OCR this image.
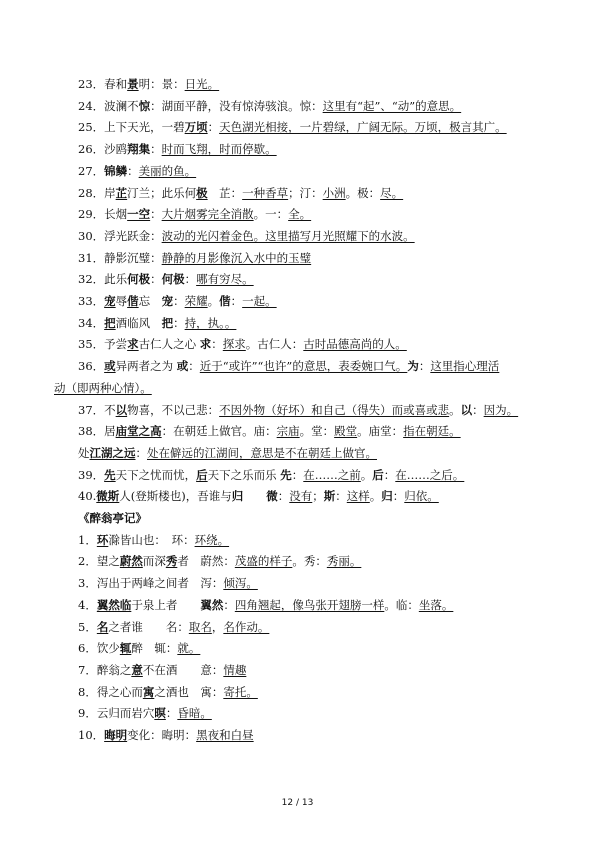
23．春和景明：景：日光。
24．波澜不惊：湖面平静，没有惊涛骇浪。惊：这里有“起”、“动”的意思。
25．上下天光，一碧万顷：天色湖光相接，一片碧绿，广阔无际。万顷，极言其广。
26．沙鸥翔集：时而飞翔，时而停歇。
27．锦鳞：美丽的鱼。
28．岸芷汀兰；此乐何极　芷：一种香草；汀：小洲。极：尽。
29．长烟一空：大片烟雾完全消散。一：全。
30．浮光跃金：波动的光闪着金色。这里描写月光照耀下的水波。
31．静影沉璧：静静的月影像沉入水中的玉璧
32．此乐何极：何极：哪有穷尽。
33．宠辱偕忘　宠：荣耀。偕：一起。
34．把酒临风　把：持，执。。
35．予尝求古仁人之心 求：探求。古仁人：古时品德高尚的人。
36．或异两者之为 或：近于“或许”“也许”的意思，表委婉口气。为：这里指心理活
动（即两种心情）。
37．不以物喜，不以己悲：不因外物（好坏）和自己（得失）而或喜或悲。以：因为。
38．居庙堂之高：在朝廷上做官。庙：宗庙。堂：殿堂。庙堂：指在朝廷。
处江湖之远：处在僻远的江湖间，意思是不在朝廷上做官。
39．先天下之忧而忧，后天下之乐而乐 先：在……之前。后：在……之后。
40.微斯人(登斯楼也)，吾谁与归　　 微：没有；斯：这样。归：归依。
《醉翁亭记》
1．环滁皆山也：　环：环绕。
2．望之蔚然而深秀者　蔚然：茂盛的样子。秀：秀丽。
3．泻出于两峰之间者　泻：倾泻。
4．翼然临于泉上者　　翼然：四角翘起，像鸟张开翅膀一样。临：坐落。
5．名之者谁　　名：取名，名作动。
6．饮少辄醉　辄：就。
7．醉翁之意不在酒　　意：情趣
8．得之心而寓之酒也　寓：寄托。
9．云归而岩穴暝：昏暗。
10．晦明变化：晦明：黑夜和白昼
12 / 13
